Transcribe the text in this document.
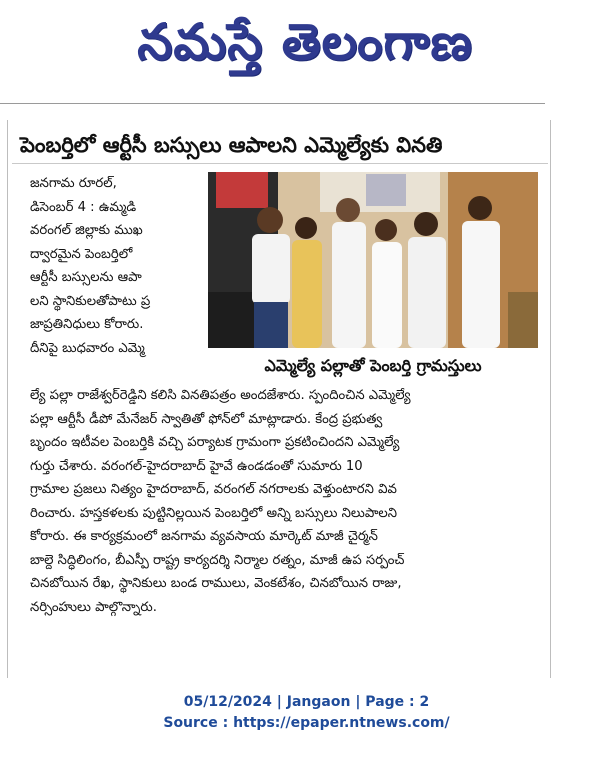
నమస్తే తెలంగాణ
పెంబర్తిలో ఆర్టీసీ బస్సులు ఆపాలని ఎమ్మెల్యేకు వినతి
జనగామ రూరల్,
డిసెంబర్ 4 : ఉమ్మడి
వరంగల్ జిల్లాకు ముఖ
ద్వారమైన పెంబర్తిలో
ఆర్టీసీ బస్సులను ఆపా
లని స్థానికులతోపాటు ప్ర
జాప్రతినిధులు కోరారు.
దీనిపై బుధవారం ఎమ్మె
ఎమ్మెల్యే పల్లాతో పెంబర్తి గ్రామస్తులు
ల్యే పల్లా రాజేశ్వర్‌రెడ్డిని కలిసి వినతిపత్రం అందజేశారు. స్పందించిన ఎమ్మెల్యే
పల్లా ఆర్టీసీ డీపో మేనేజర్ స్వాతితో ఫోన్‌లో మాట్లాడారు. కేంద్ర ప్రభుత్వ
బృందం ఇటీవల పెంబర్తికి వచ్చి పర్యాటక గ్రామంగా ప్రకటించిందని ఎమ్మెల్యే
గుర్తు చేశారు. వరంగల్-హైదరాబాద్ హైవే ఉండడంతో సుమారు 10
గ్రామాల ప్రజలు నిత్యం హైదరాబాద్, వరంగల్ నగరాలకు వెళ్తుంటారని వివ
రించారు. హస్తకళలకు పుట్టినిల్లయిన పెంబర్తిలో అన్ని బస్సులు నిలుపాలని
కోరారు. ఈ కార్యక్రమంలో జనగామ వ్యవసాయ మార్కెట్ మాజీ చైర్మన్
బాల్దె సిద్ధిలింగం, బీఎస్పీ రాష్ట్ర కార్యదర్శి నిర్మాల రత్నం, మాజీ ఉప సర్పంచ్
చినబోయిన రేఖ, స్థానికులు బండ రాములు, వెంకటేశం, చినబోయిన రాజు,
నర్సింహులు పాల్గొన్నారు.
05/12/2024 | Jangaon | Page : 2
Source : https://epaper.ntnews.com/
